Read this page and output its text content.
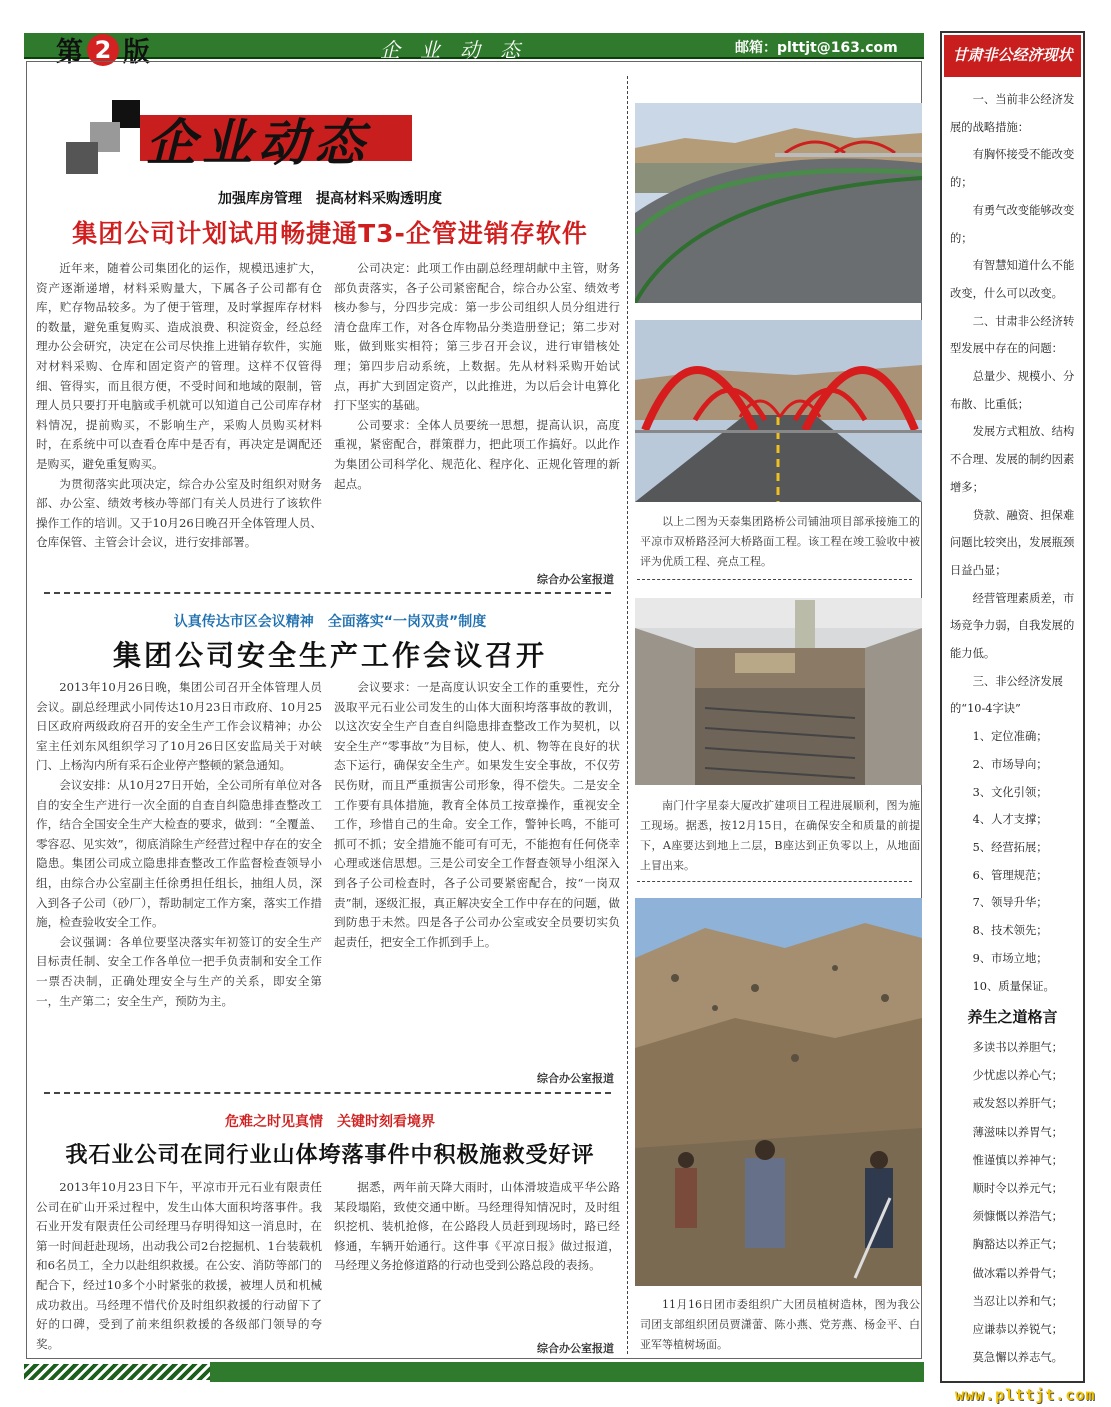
第 2 版	企业动态	邮箱：plttjt@163.com	甘肃非公经济现状

一、当前非公经济发展的战略措施：

有胸怀接受不能改变的；

有勇气改变能够改变的；

有智慧知道什么不能改变，什么可以改变。

二、甘肃非公经济转型发展中存在的问题：

总量少、规模小、分布散、比重低；

发展方式粗放、结构不合理、发展的制约因素增多；

贷款、融资、担保难问题比较突出，发展瓶颈日益凸显；

经营管理素质差，市场竞争力弱，自我发展的能力低。

三、非公经济发展的“10-4字诀”

1、定位准确；

2、市场导向；

3、文化引领；

4、人才支撑；

5、经营拓展；

6、管理规范；

7、领导升华；

8、技术领先；

9、市场立地；

10、质量保证。

养生之道格言
多读书以养胆气；
少忧虑以养心气；
戒发怒以养肝气；
薄滋味以养胃气；
惟谨慎以养神气；
顺时令以养元气；
须慷慨以养浩气；
胸豁达以养正气；
做冰霜以养骨气；
当忍让以养和气；
应谦恭以养锐气；
莫急懈以养志气。
企业动态
加强库房管理　提高材料采购透明度
集团公司计划试用畅捷通T3-企管进销存软件

近年来，随着公司集团化的运作，规模迅速扩大，资产逐渐递增，材料采购量大，下属各子公司都有仓库，贮存物品较多。为了便于管理，及时掌握库存材料的数量，避免重复购买、造成浪费、积淀资金，经总经理办公会研究，决定在公司尽快推上进销存软件，实施对材料采购、仓库和固定资产的管理。这样不仅管得细、管得实，而且很方便，不受时间和地域的限制，管理人员只要打开电脑或手机就可以知道自己公司库存材料情况，提前购买，不影响生产，采购人员购买材料时，在系统中可以查看仓库中是否有，再决定是调配还是购买，避免重复购买。

为贯彻落实此项决定，综合办公室及时组织对财务部、办公室、绩效考核办等部门有关人员进行了该软件操作工作的培训。又于10月26日晚召开全体管理人员、仓库保管、主管会计会议，进行安排部署。

公司决定：此项工作由副总经理胡献中主管，财务部负责落实，各子公司紧密配合，综合办公室、绩效考核办参与，分四步完成：第一步公司组织人员分组进行清仓盘库工作，对各仓库物品分类造册登记；第二步对账，做到账实相符；第三步召开会议，进行审错核处理；第四步启动系统，上数据。先从材料采购开始试点，再扩大到固定资产，以此推进，为以后会计电算化打下坚实的基础。

公司要求：全体人员要统一思想，提高认识，高度重视，紧密配合，群策群力，把此项工作搞好。以此作为集团公司科学化、规范化、程序化、正规化管理的新起点。

综合办公室报道
认真传达市区会议精神　全面落实“一岗双责”制度
集团公司安全生产工作会议召开

2013年10月26日晚，集团公司召开全体管理人员会议。副总经理武小同传达10月23日市政府、10月25日区政府两级政府召开的安全生产工作会议精神；办公室主任刘东风组织学习了10月26日区安监局关于对峡门、上杨沟内所有采石企业停产整顿的紧急通知。

会议安排：从10月27日开始，全公司所有单位对各自的安全生产进行一次全面的自查自纠隐患排查整改工作，结合全国安全生产大检查的要求，做到：“全覆盖、零容忍、见实效”，彻底消除生产经营过程中存在的安全隐患。集团公司成立隐患排查整改工作监督检查领导小组，由综合办公室副主任徐勇担任组长，抽组人员，深入到各子公司（砂厂），帮助制定工作方案，落实工作措施，检查验收安全工作。

会议强调：各单位要坚决落实年初签订的安全生产目标责任制、安全工作各单位一把手负责制和安全工作一票否决制，正确处理安全与生产的关系，即安全第一，生产第二；安全生产，预防为主。

会议要求：一是高度认识安全工作的重要性，充分汲取平元石业公司发生的山体大面积垮落事故的教训，以这次安全生产自查自纠隐患排查整改工作为契机，以安全生产“零事故”为目标，使人、机、物等在良好的状态下运行，确保安全生产。如果发生安全事故，不仅劳民伤财，而且严重损害公司形象，得不偿失。二是安全工作要有具体措施，教育全体员工按章操作，重视安全工作，珍惜自己的生命。安全工作，警钟长鸣，不能可抓可不抓；安全措施不能可有可无，不能抱有任何侥幸心理或迷信思想。三是公司安全工作督查领导小组深入到各子公司检查时，各子公司要紧密配合，按“一岗双责”制，逐级汇报，真正解决安全工作中存在的问题，做到防患于未然。四是各子公司办公室或安全员要切实负起责任，把安全工作抓到手上。

综合办公室报道
危难之时见真情　关键时刻看境界
我石业公司在同行业山体垮落事件中积极施救受好评

2013年10月23日下午，平凉市开元石业有限责任公司在矿山开采过程中，发生山体大面积垮落事件。我石业开发有限责任公司经理马存明得知这一消息时，在第一时间赶赴现场，出动我公司2台挖掘机、1台装载机和6名员工，全力以赴组织救援。在公安、消防等部门的配合下，经过10多个小时紧张的救援，被埋人员和机械成功救出。马经理不惜代价及时组织救援的行动留下了好的口碑，受到了前来组织救援的各级部门领导的夸奖。

据悉，两年前天降大雨时，山体滑坡造成平华公路某段塌陷，致使交通中断。马经理得知情况时，及时组织挖机、装机抢修，在公路段人员赶到现场时，路已经修通，车辆开始通行。这件事《平凉日报》做过报道，马经理义务抢修道路的行动也受到公路总段的表扬。

综合办公室报道

以上二图为天泰集团路桥公司铺油项目部承接施工的平凉市双桥路泾河大桥路面工程。该工程在竣工验收中被评为优质工程、亮点工程。

南门什字星泰大厦改扩建项目工程进展顺利，图为施工现场。据悉，按12月15日，在确保安全和质量的前提下，A座要达到地上二层，B座达到正负零以上，从地面上冒出来。

11月16日团市委组织广大团员植树造林，图为我公司团支部组织团员贾潇蕾、陈小燕、党芳燕、杨金平、白亚军等植树场面。

www.plttjt.com
